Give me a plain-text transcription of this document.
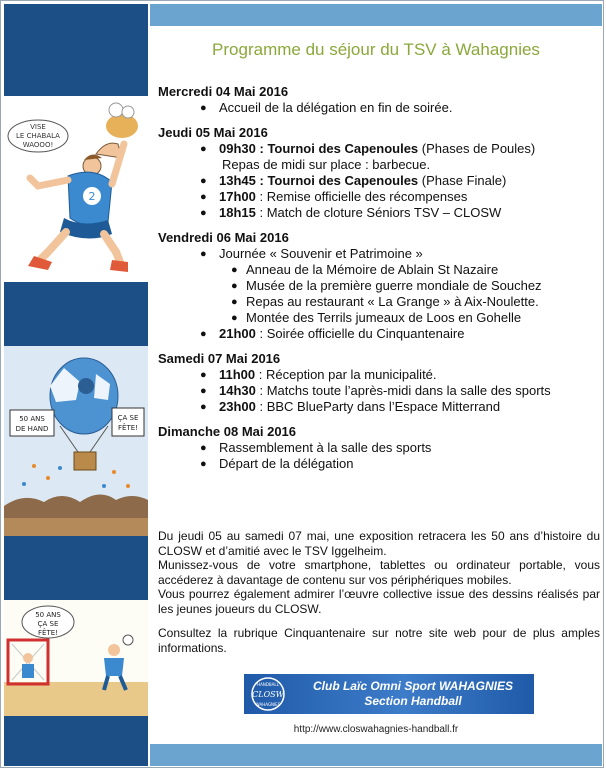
VISE
LE CHABALA
WAOOO!
2
50 ANS
DE HAND
ÇA SE
FÊTE!
50 ANS
ÇA SE
FÊTE!
Programme du séjour du TSV à Wahagnies
Mercredi 04 Mai 2016
● Accueil de la délégation en fin de soirée.
Jeudi 05 Mai 2016
● 09h30 : Tournoi des Capenoules (Phases de Poules)
Repas de midi sur place : barbecue.
● 13h45 : Tournoi des Capenoules (Phase Finale)
● 17h00 : Remise officielle des récompenses
● 18h15 : Match de cloture Séniors TSV – CLOSW
Vendredi 06 Mai 2016
● Journée « Souvenir et Patrimoine »
● Anneau de la Mémoire de Ablain St Nazaire
● Musée de la première guerre mondiale de Souchez
● Repas au restaurant « La Grange » à Aix-Noulette.
● Montée des Terrils jumeaux de Loos en Gohelle
● 21h00 : Soirée officielle du Cinquantenaire
Samedi 07 Mai 2016
● 11h00 : Réception par la municipalité.
● 14h30 : Matchs toute l’après-midi dans la salle des sports
● 23h00 : BBC BlueParty dans l’Espace Mitterrand
Dimanche 08 Mai 2016
● Rassemblement à la salle des sports
● Départ de la délégation
Du jeudi 05 au samedi 07 mai, une exposition retracera les 50 ans d’histoire du CLOSW et d’amitié avec le TSV Iggelheim.
Munissez-vous de votre smartphone, tablettes ou ordinateur portable, vous accéderez à davantage de contenu sur vos périphériques mobiles.
Vous pourrez également admirer l’œuvre collective issue des dessins réalisés par les jeunes joueurs du CLOSW.
Consultez la rubrique Cinquantenaire sur notre site web pour de plus amples informations.
HANDBALL
CLOSW
WAHAGNIES
Club Laïc Omni Sport WAHAGNIES
Section Handball
http://www.closwahagnies-handball.fr
